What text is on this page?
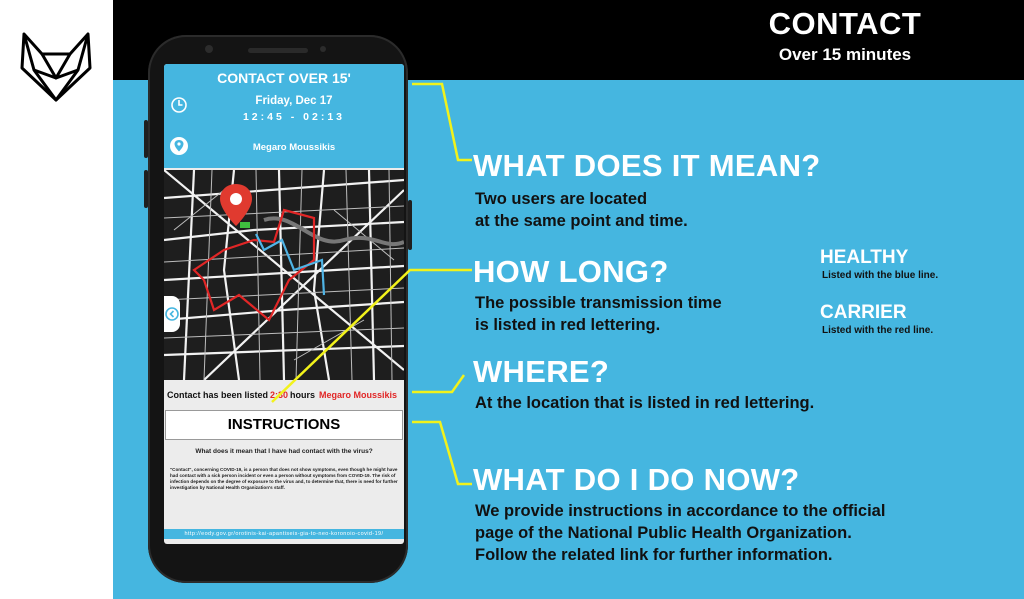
CONTACT
Over 15 minutes
CONTACT OVER 15'
Friday, Dec 17
12:45 - 02:13
Megaro Moussikis
Contact has been listed 2:30 hours Megaro Moussikis
INSTRUCTIONS
What does it mean that I have had contact with the virus?
"Contact", concerning COVID-19, is a person that does not show symptoms, even though he might have had contact with a sick person incident or even a person without symptoms from COVID-19. The risk of infection depends on the degree of exposure to the virus and, to determine that, there is need for further investigation by National Health Organization's staff.
http://eody.gov.gr/orotinis-kai-apantiseis-gia-to-neo-koronoio-covid-19/
WHAT DOES IT MEAN?
Two users are located
at the same point and time.
HOW LONG?
The possible transmission time
is listed in red lettering.
WHERE?
At the location that is listed in red lettering.
WHAT DO I DO NOW?
We provide instructions in accordance to the official
page of the National Public Health Organization.
Follow the related link for further information.
HEALTHY
Listed with the blue line.
CARRIER
Listed with the red line.
